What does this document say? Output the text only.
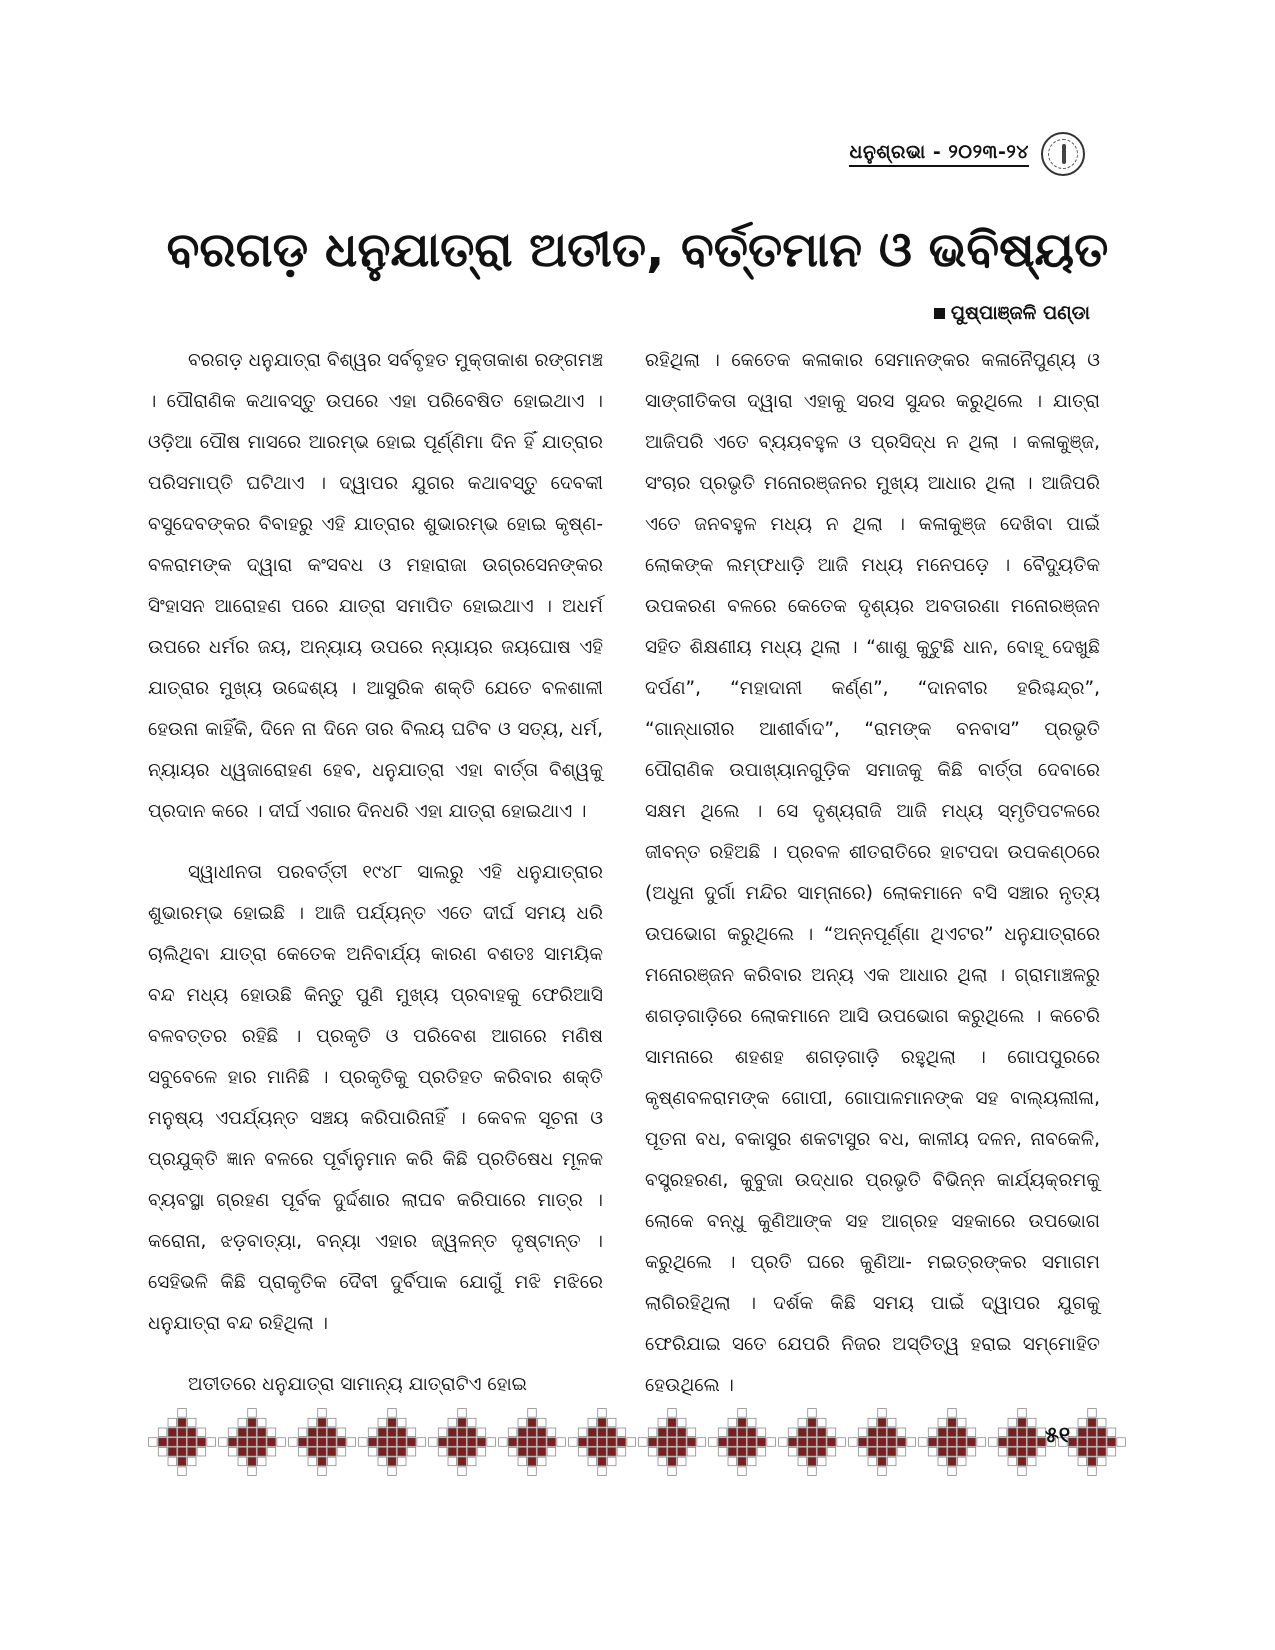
ଧନୁଶ୍ରଭା - ୨୦୨୩-୨୪
ବରଗଡ଼ ଧନୁଯାତ୍ରା ଅତୀତ, ବର୍ତ୍ତମାନ ଓ ଭବିଷ୍ୟତ
ପୁଷ୍ପାଞ୍ଜଳି ପଣ୍ଡା

ବରଗଡ଼ ଧନୁଯାତ୍ରା ବିଶ୍ୱର ସର୍ବବୃହତ ମୁକ୍ତାକାଶ ରଙ୍ଗମଞ୍ଚ । ପୌରାଣିକ କଥାବସ୍ତୁ ଉପରେ ଏହା ପରିବେଷିତ ହୋଇଥାଏ । ଓଡ଼ିଆ ପୌଷ ମାସରେ ଆରମ୍ଭ ହୋଇ ପୂର୍ଣ୍ଣିମା ଦିନ ହିଁ ଯାତ୍ରାର ପରିସମାପ୍ତି ଘଟିଥାଏ । ଦ୍ୱାପର ଯୁଗର କଥାବସ୍ତୁ ଦେବକୀ ବସୁଦେବଙ୍କର ବିବାହରୁ ଏହି ଯାତ୍ରାର ଶୁଭାରମ୍ଭ ହୋଇ କୃଷ୍ଣ-ବଳରାମଙ୍କ ଦ୍ୱାରା କଂସବଧ ଓ ମହାରାଜା ଉଗ୍ରସେନଙ୍କର ସିଂହାସନ ଆରୋହଣ ପରେ ଯାତ୍ରା ସମାପିତ ହୋଇଥାଏ । ଅଧର୍ମ ଉପରେ ଧର୍ମର ଜୟ, ଅନ୍ୟାୟ ଉପରେ ନ୍ୟାୟର ଜୟଘୋଷ ଏହି ଯାତ୍ରାର ମୁଖ୍ୟ ଉଦ୍ଦେଶ୍ୟ । ଆସୁରିକ ଶକ୍ତି ଯେତେ ବଳଶାଳୀ ହେଉନା କାହିଁକି, ଦିନେ ନା ଦିନେ ତାର ବିଲୟ ଘଟିବ ଓ ସତ୍ୟ, ଧର୍ମ, ନ୍ୟାୟର ଧ୍ୱଜାରୋହଣ ହେବ, ଧନୁଯାତ୍ରା ଏହା ବାର୍ତ୍ତା ବିଶ୍ୱକୁ ପ୍ରଦାନ କରେ । ଦୀର୍ଘ ଏଗାର ଦିନଧରି ଏହା ଯାତ୍ରା ହୋଇଥାଏ ।

ସ୍ୱାଧୀନତା ପରବର୍ତ୍ତୀ ୧୯୪୮ ସାଲରୁ ଏହି ଧନୁଯାତ୍ରାର ଶୁଭାରମ୍ଭ ହୋଇଛି । ଆଜି ପର୍ଯ୍ୟନ୍ତ ଏତେ ଦୀର୍ଘ ସମୟ ଧରି ଚାଲିଥିବା ଯାତ୍ରା କେତେକ ଅନିବାର୍ଯ୍ୟ କାରଣ ବଶତଃ ସାମୟିକ ବନ୍ଦ ମଧ୍ୟ ହୋଉଛି କିନ୍ତୁ ପୁଣି ମୁଖ୍ୟ ପ୍ରବାହକୁ ଫେରିଆସି ବଳବତ୍ତର ରହିଛି । ପ୍ରକୃତି ଓ ପରିବେଶ ଆଗରେ ମଣିଷ ସବୁବେଳେ ହାର ମାନିଛି । ପ୍ରକୃତିକୁ ପ୍ରତିହତ କରିବାର ଶକ୍ତି ମନୁଷ୍ୟ ଏପର୍ଯ୍ୟନ୍ତ ସଞ୍ଚୟ କରିପାରିନାହିଁ । କେବଳ ସୂଚନା ଓ ପ୍ରଯୁକ୍ତି ଜ୍ଞାନ ବଳରେ ପୂର୍ବାନୁମାନ କରି କିଛି ପ୍ରତିଷେଧ ମୂଳକ ବ୍ୟବସ୍ଥା ଗ୍ରହଣ ପୂର୍ବକ ଦୁର୍ଦ୍ଦଶାର ଲାଘବ କରିପାରେ ମାତ୍ର । କରୋନା, ଝଡ଼ବାତ୍ୟା, ବନ୍ୟା ଏହାର ଜ୍ୱଳନ୍ତ ଦୃଷ୍ଟାନ୍ତ । ସେହିଭଳି କିଛି ପ୍ରାକୃତିକ ଦୈବୀ ଦୁର୍ବିପାକ ଯୋଗୁଁ ମଝି ମଝିରେ ଧନୁଯାତ୍ରା ବନ୍ଦ ରହିଥିଲା ।

ଅତୀତରେ ଧନୁଯାତ୍ରା ସାମାନ୍ୟ ଯାତ୍ରାଟିଏ ହୋଇ

ରହିଥିଲା । କେତେକ କଳାକାର ସେମାନଙ୍କର କଳାନୈପୁଣ୍ୟ ଓ ସାଙ୍ଗୀତିକତା ଦ୍ୱାରା ଏହାକୁ ସରସ ସୁନ୍ଦର କରୁଥିଲେ । ଯାତ୍ରା ଆଜିପରି ଏତେ ବ୍ୟୟବହୁଳ ଓ ପ୍ରସିଦ୍ଧ ନ ଥିଲା । କଳାକୁଞ୍ଜ, ସଂଚାର ପ୍ରଭୃତି ମନୋରଞ୍ଜନର ମୁଖ୍ୟ ଆଧାର ଥିଲା । ଆଜିପରି ଏତେ ଜନବହୁଳ ମଧ୍ୟ ନ ଥିଲା । କଳାକୁଞ୍ଜ ଦେଖିବା ପାଇଁ ଲୋକଙ୍କ ଲମ୍ଫଧାଡ଼ି ଆଜି ମଧ୍ୟ ମନେପଡ଼େ । ବୈଦ୍ୟୁତିକ ଉପକରଣ ବଳରେ କେତେକ ଦୃଶ୍ୟର ଅବତାରଣା ମନୋରଞ୍ଜନ ସହିତ ଶିକ୍ଷଣୀୟ ମଧ୍ୟ ଥିଲା । “ଶାଶୁ କୁଟୁଛି ଧାନ, ବୋହୂ ଦେଖୁଛି ଦର୍ପଣ”, “ମହାଦାନୀ କର୍ଣ୍ଣ”, “ଦାନବୀର ହରିଶ୍ଚନ୍ଦ୍ର”, “ଗାନ୍ଧାରୀର ଆଶୀର୍ବାଦ”, “ରାମଙ୍କ ବନବାସ” ପ୍ରଭୃତି ପୌରାଣିକ ଉପାଖ୍ୟାନଗୁଡ଼ିକ ସମାଜକୁ କିଛି ବାର୍ତ୍ତା ଦେବାରେ ସକ୍ଷମ ଥିଲେ । ସେ ଦୃଶ୍ୟରାଜି ଆଜି ମଧ୍ୟ ସ୍ମୃତିପଟଳରେ ଜୀବନ୍ତ ରହିଅଛି । ପ୍ରବଳ ଶୀତରାତିରେ ହାଟପଦା ଉପକଣ୍ଠରେ (ଅଧୁନା ଦୁର୍ଗା ମନ୍ଦିର ସାମ୍ନାରେ) ଲୋକମାନେ ବସି ସଞ୍ଚାର ନୃତ୍ୟ ଉପଭୋଗ କରୁଥିଲେ । “ଅନ୍ନପୂର୍ଣ୍ଣା ଥିଏଟର” ଧନୁଯାତ୍ରାରେ ମନୋରଞ୍ଜନ କରିବାର ଅନ୍ୟ ଏକ ଆଧାର ଥିଲା । ଗ୍ରାମାଞ୍ଚଳରୁ ଶଗଡ଼ଗାଡ଼ିରେ ଲୋକମାନେ ଆସି ଉପଭୋଗ କରୁଥିଲେ । କଚେରି ସାମନାରେ ଶହଶହ ଶଗଡ଼ଗାଡ଼ି ରହୁଥିଲା । ଗୋପପୁରରେ କୃଷ୍ଣବଳରାମଙ୍କ ଗୋପୀ, ଗୋପାଳମାନଙ୍କ ସହ ବାଲ୍ୟଲୀଳା, ପୂତନା ବଧ, ବକାସୁର ଶକଟାସୁର ବଧ, କାଳୀୟ ଦଳନ, ନାବକେଳି, ବସ୍ତ୍ରହରଣ, କୁବୁଜା ଉଦ୍ଧାର ପ୍ରଭୃତି ବିଭିନ୍ନ କାର୍ଯ୍ୟକ୍ରମକୁ ଲୋକେ ବନ୍ଧୁ କୁଣିଆଙ୍କ ସହ ଆଗ୍ରହ ସହକାରେ ଉପଭୋଗ କରୁଥିଲେ । ପ୍ରତି ଘରେ କୁଣିଆ- ମଇତ୍ରଙ୍କର ସମାଗମ ଲାଗିରହିଥିଲା । ଦର୍ଶକ କିଛି ସମୟ ପାଇଁ ଦ୍ୱାପର ଯୁଗକୁ ଫେରିଯାଇ ସତେ ଯେପରି ନିଜର ଅସ୍ତିତ୍ୱ ହରାଇ ସମ୍ମୋହିତ ହେଉଥିଲେ ।

୫୧
